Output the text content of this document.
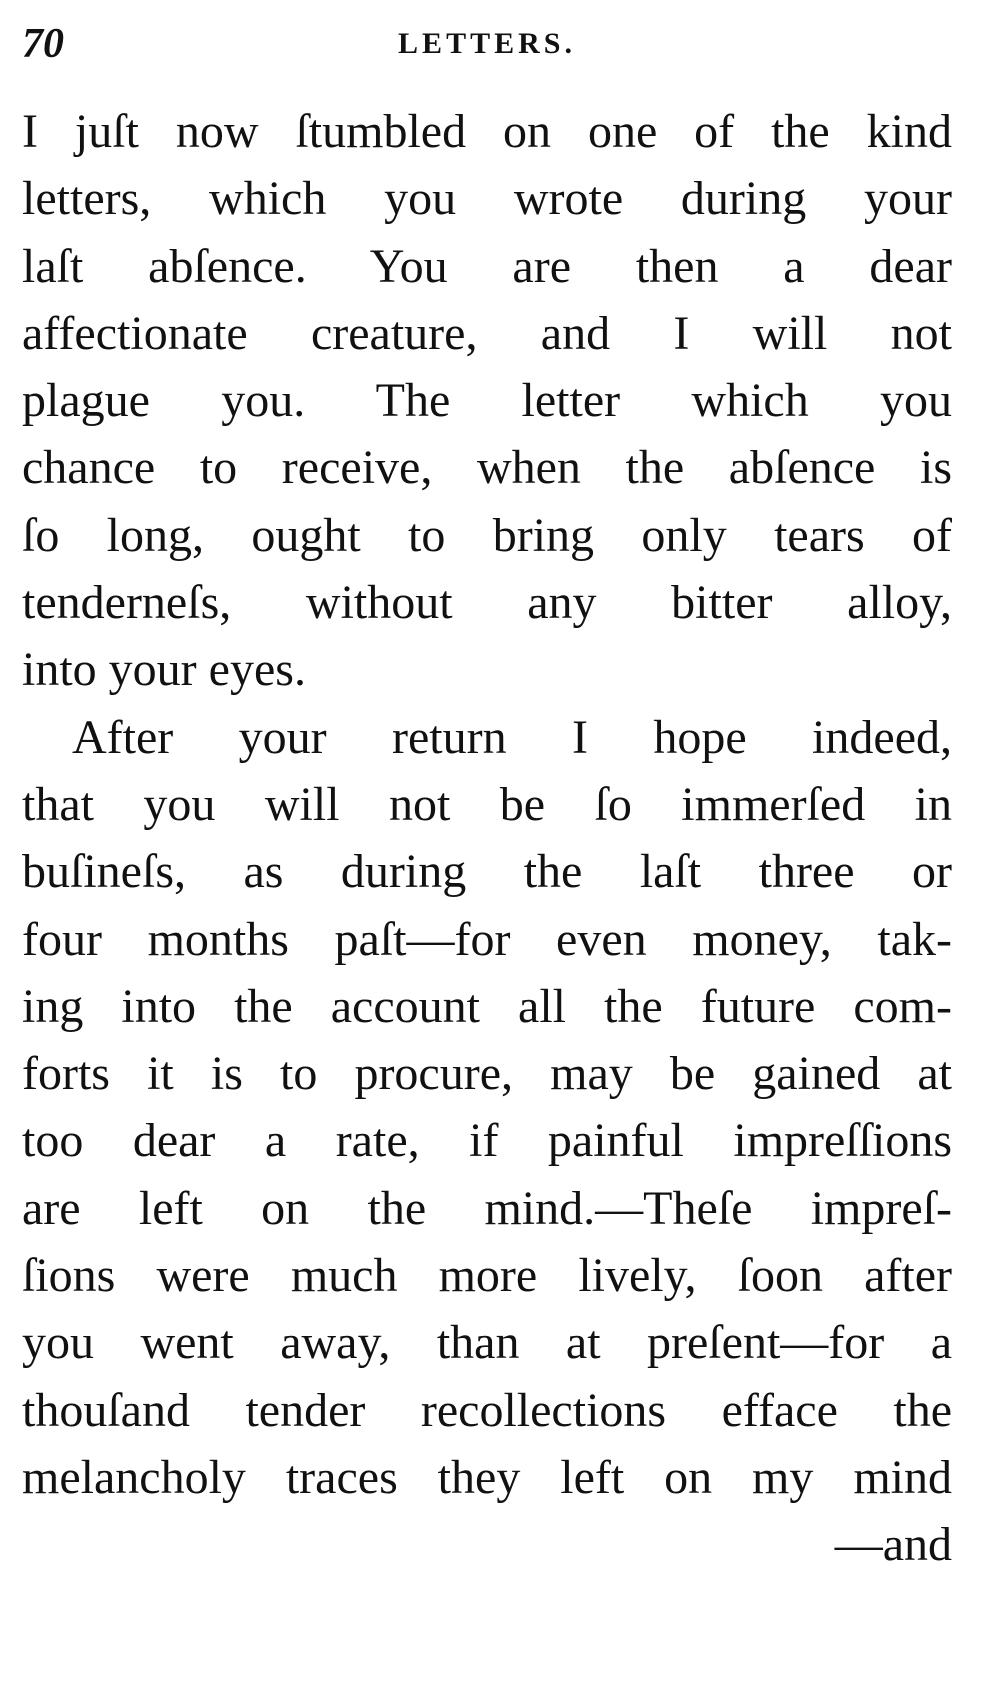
70	LETTERS.
I juſt now ſtumbled on one of the kind
letters, which you wrote during your
laſt abſence. You are then a dear
affectionate creature, and I will not
plague you. The letter which you
chance to receive, when the abſence is
ſo long, ought to bring only tears of
tenderneſs, without any bitter alloy,
into your eyes.
After your return I hope indeed,
that you will not be ſo immerſed in
buſineſs, as during the laſt three or
four months paſt—for even money, tak-
ing into the account all the future com-
forts it is to procure, may be gained at
too dear a rate, if painful impreſſions
are left on the mind.—Theſe impreſ-
ſions were much more lively, ſoon after
you went away, than at preſent—for a
thouſand tender recollections efface the
melancholy traces they left on my mind
—and
